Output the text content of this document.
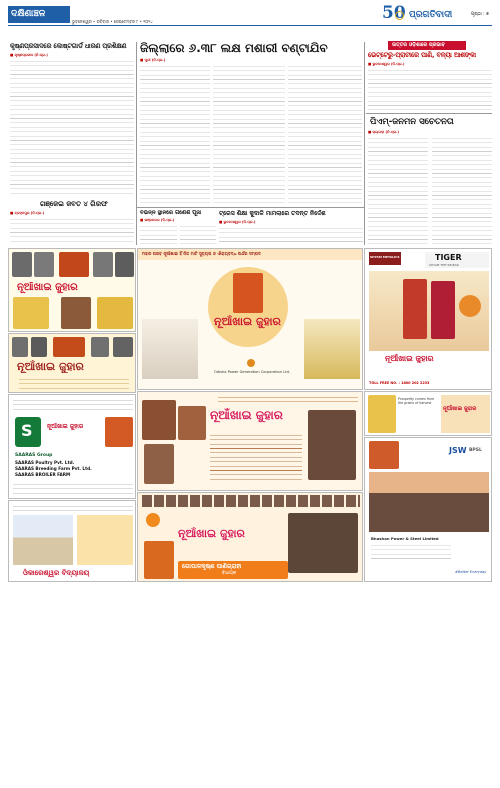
ଦକ୍ଷିଣାଞ୍ଚଳ
ଭୁବନେଶ୍ୱର • ରବିବାର • ସେପ୍ଟେମ୍ବର ୮ • ୨୦୨୪	50 ପ୍ରଗତିବାଦୀ	ପୃଷ୍ଠା : ୭
କୃଷ୍ଣପ୍ରସାଦରେ କୋଷ୍ଟଗାର୍ଡ ଧାରଣ ପ୍ରଶିକ୍ଷଣ
■ କୃଷ୍ଣପ୍ରସାଦ (ନି.ପ୍ର.)
ଗଞ୍ଜେଇ ଜବତ ୪ ଗିରଫ
■ ବ୍ରହ୍ମପୁର (ନି.ପ୍ର.)
ଜିଲ୍ଲାରେ ୬.୩୮ ଲକ୍ଷ ମଶାରୀ ବଣ୍ଟାଯିବ
■ ପୁରୀ (ନି.ପ୍ର.)
ଉତ୍ତର ଓଡ଼ିଶାରେ ପ୍ରଭାବ
ଭେଟ୍ଟେରୁ-ପ୍ରାଚୀରେ ପାଣି, ବନ୍ୟା ଆଶଙ୍କା
■ ଭୁବନେଶ୍ୱର (ନି.ପ୍ର.)
ପିଏମ୍-ଜନମନ ସଚେତନତା
■ ରାୟଗଡ଼ା (ନି.ପ୍ର.)
ବିଭିନ୍ନ ସ୍ଥାନରେ ଗଣେଶ ପୂଜା
■ ଭଞ୍ଜନଗର (ନି.ପ୍ର.)
ଟ୍ରେସ ଶିକ୍ଷା କୁଦାଳି ମାମଲାରେ ତଦନ୍ତ ନିର୍ଦ୍ଦେଶ
■ ଭୁବନେଶ୍ୱର (ନି.ପ୍ର.)
ନୂଆଁଖାଇ ଜୁହାର
ମହାନ ପରବ ନୂଆଁଖାଇ ହିଁ ନିଜ ମାଟି ସୁବ୍ୟତା ଓ ଐକ୍ୟବଦ୍ଧ ଅର୍ଥର ସମ୍ପଦ
ନୂଆଁଖାଇ ଜୁହାର
Odisha Power Generation Corporation Ltd.
SHYAM METALICS	TIGER
SHYAM TMT RE-BAR
ନୂଆଁଖାଇ ଜୁହାର
TOLL FREE NO. : 1800 202 2233
ନୂଆଁଖାଇ ଜୁହାର
S ନୂଆଁଖାଇ ଜୁହାର
SAARAS Group
SAARAS Poultry Pvt. Ltd.
SAARAS Breeding Farm Pvt. Ltd.
SAARAS BROILER FARM
ଓଁକାରେଶ୍ୱର ବିଦ୍ୟାଳୟ
ନୂଆଁଖାଇ ଜୁହାର
ନୂଆଁଖାଇ ଜୁହାର
ଗୋପାଳକୃଷ୍ଣ ପାଣିଗ୍ରାହୀ
ବିଧାୟକ
Prosperity comes from the grains of harvest
ନୂଆଁଖାଇ ଜୁହାର
JSW BPSL
Bhushan Power & Steel Limited
#Better Everyday
